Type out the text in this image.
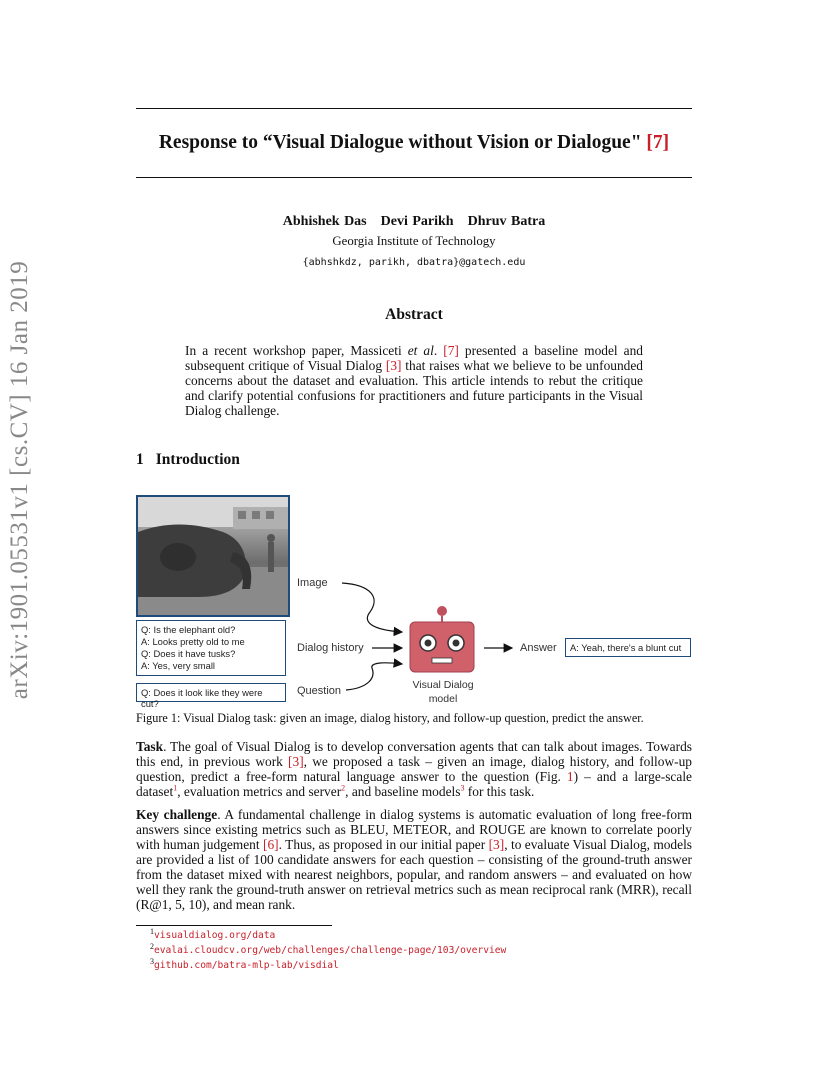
arXiv:1901.05531v1 [cs.CV] 16 Jan 2019
Response to “Visual Dialogue without Vision or Dialogue" [7]
Abhishek Das Devi Parikh Dhruv Batra
Georgia Institute of Technology
{abhshkdz, parikh, dbatra}@gatech.edu
Abstract
In a recent workshop paper, Massiceti et al. [7] presented a baseline model and subsequent critique of Visual Dialog [3] that raises what we believe to be unfounded concerns about the dataset and evaluation. This article intends to rebut the critique and clarify potential confusions for practitioners and future participants in the Visual Dialog challenge.
1 Introduction
Image
Dialog history
Question
Answer
Visual Dialog model
Q: Is the elephant old?
A: Looks pretty old to me
Q: Does it have tusks?
A: Yes, very small
Q: Does it look like they were cut?
A: Yeah, there's a blunt cut
Figure 1: Visual Dialog task: given an image, dialog history, and follow-up question, predict the answer.
Task. The goal of Visual Dialog is to develop conversation agents that can talk about images. Towards this end, in previous work [3], we proposed a task – given an image, dialog history, and follow-up question, predict a free-form natural language answer to the question (Fig. 1) – and a large-scale dataset$^1$, evaluation metrics and server$^2$, and baseline models$^3$ for this task.
Key challenge. A fundamental challenge in dialog systems is automatic evaluation of long free-form answers since existing metrics such as BLEU, METEOR, and ROUGE are known to correlate poorly with human judgement [6]. Thus, as proposed in our initial paper [3], to evaluate Visual Dialog, models are provided a list of 100 candidate answers for each question – consisting of the ground-truth answer from the dataset mixed with nearest neighbors, popular, and random answers – and evaluated on how well they rank the ground-truth answer on retrieval metrics such as mean reciprocal rank (MRR), recall (R@1, 5, 10), and mean rank.
$^1$visualdialog.org/data
$^2$evalai.cloudcv.org/web/challenges/challenge-page/103/overview
$^3$github.com/batra-mlp-lab/visdial
